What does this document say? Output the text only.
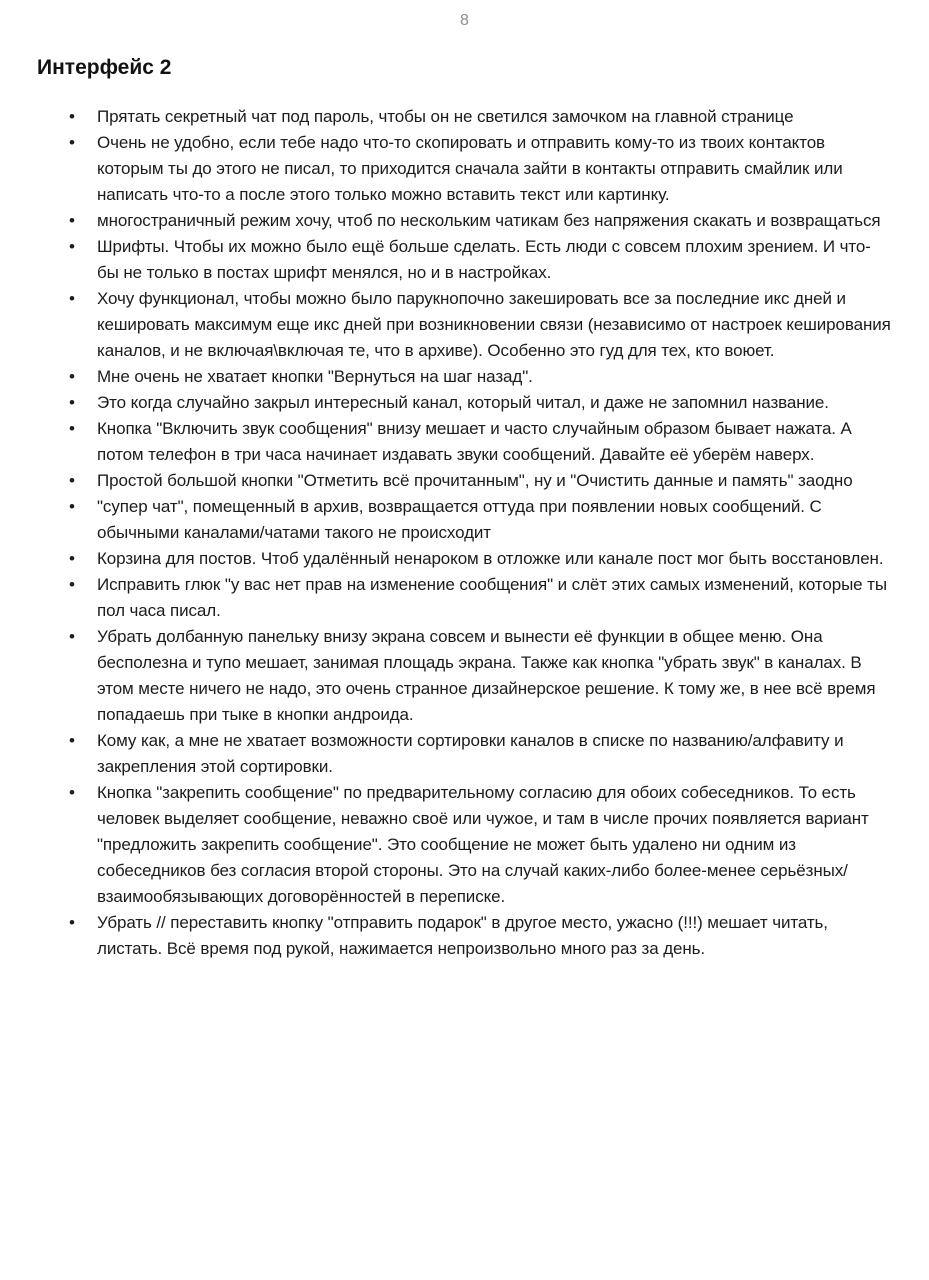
8
Интерфейс 2
• Прятать секретный чат под пароль, чтобы он не светился замочком на главной странице
• Очень не удобно, если тебе надо что-то скопировать и отправить кому-то из твоих контактов которым ты до этого не писал, то приходится сначала зайти в контакты отправить смайлик или написать что-то а после этого только можно вставить текст или картинку.
• многостраничный режим хочу, чтоб по нескольким чатикам без напряжения скакать и возвращаться
• Шрифты. Чтобы их можно было ещё больше сделать. Есть люди с совсем плохим зрением. И что-бы не только в постах шрифт менялся, но и в настройках.
• Хочу функционал, чтобы можно было парукнопочно закешировать все за последние икс дней и кешировать максимум еще икс дней при возникновении связи (независимо от настроек кеширования каналов, и не включая\включая те, что в архиве). Особенно это гуд для тех, кто воюет.
• Мне очень не хватает кнопки "Вернуться на шаг назад".
• Это когда случайно закрыл интересный канал, который читал, и даже не запомнил название.
• Кнопка "Включить звук сообщения" внизу мешает и часто случайным образом бывает нажата. А потом телефон в три часа начинает издавать звуки сообщений. Давайте её уберём наверх.
• Простой большой кнопки "Отметить всё прочитанным", ну и "Очистить данные и память" заодно
• "супер чат", помещенный в архив, возвращается оттуда при появлении новых сообщений. С обычными каналами/чатами такого не происходит
• Корзина для постов. Чтоб удалённый ненароком в отложке или канале пост мог быть восстановлен.
• Исправить глюк "у вас нет прав на изменение сообщения" и слёт этих самых изменений, которые ты пол часа писал.
• Убрать долбанную панельку внизу экрана совсем и вынести её функции в общее меню. Она бесполезна и тупо мешает, занимая площадь экрана. Также как кнопка "убрать звук" в каналах. В этом месте ничего не надо, это очень странное дизайнерское решение. К тому же, в нее всё время попадаешь при тыке в кнопки андроида.
• Кому как, а мне не хватает возможности сортировки каналов в списке по названию/алфавиту и закрепления этой сортировки.
• Кнопка "закрепить сообщение" по предварительному согласию для обоих собеседников. То есть человек выделяет сообщение, неважно своё или чужое, и там в числе прочих появляется вариант "предложить закрепить сообщение". Это сообщение не может быть удалено ни одним из собеседников без согласия второй стороны. Это на случай каких-либо более-менее серьёзных/взаимообязывающих договорённостей в переписке.
• Убрать // переставить кнопку "отправить подарок" в другое место, ужасно (!!!) мешает читать, листать. Всё время под рукой, нажимается непроизвольно много раз за день.
